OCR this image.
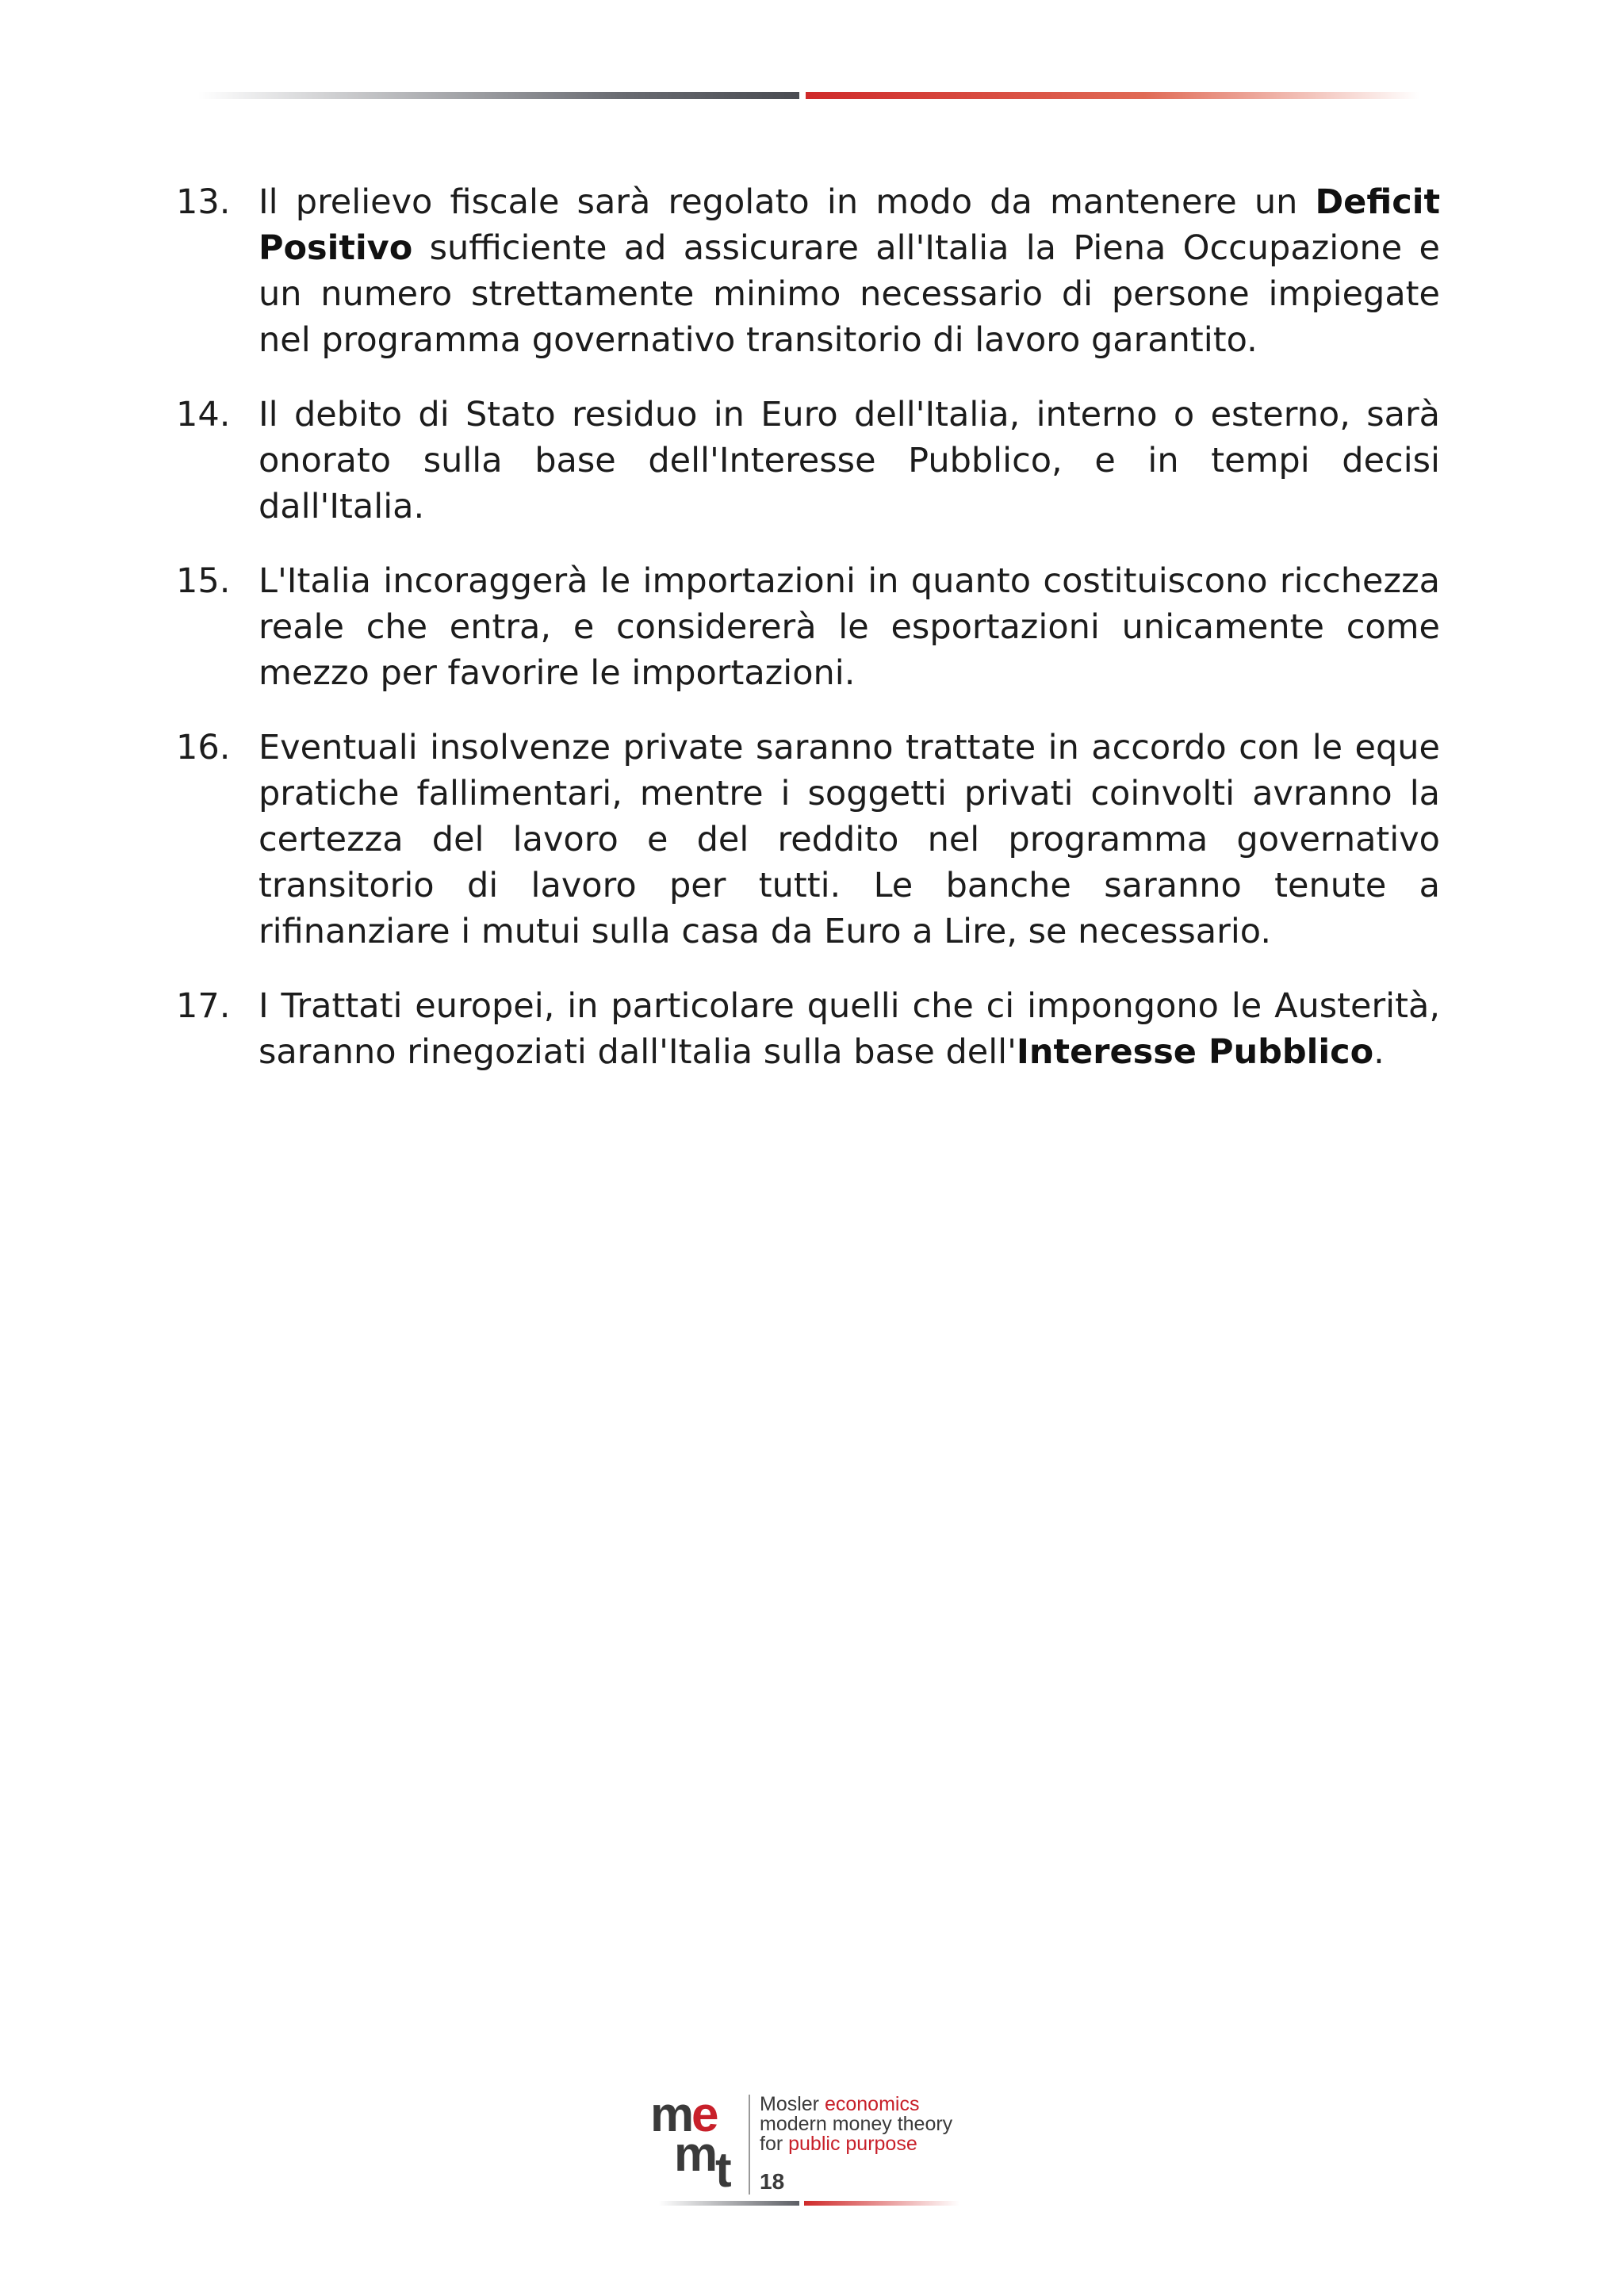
13. Il prelievo fiscale sarà regolato in modo da mantenere un Deficit Positivo sufficiente ad assicurare all'Italia la Piena Occupazione e un numero strettamente minimo necessario di persone impiegate nel programma governativo transitorio di lavoro garantito.
14. Il debito di Stato residuo in Euro dell'Italia, interno o esterno, sarà onorato sulla base dell'Interesse Pubblico, e in tempi decisi dall'Italia.
15. L'Italia incoraggerà le importazioni in quanto costituiscono ricchezza reale che entra, e considererà le esportazioni unicamente come mezzo per favorire le importazioni.
16. Eventuali insolvenze private saranno trattate in accordo con le eque pratiche fallimentari, mentre i soggetti privati coinvolti avranno la certezza del lavoro e del reddito nel programma governativo transitorio di lavoro per tutti. Le banche saranno tenute a rifinanziare i mutui sulla casa da Euro a Lire, se necessario.
17. I Trattati europei, in particolare quelli che ci impongono le Austerità, saranno rinegoziati dall'Italia sulla base dell'Interesse Pubblico.
m e
m t
Mosler economics
modern money theory
for public purpose
18
